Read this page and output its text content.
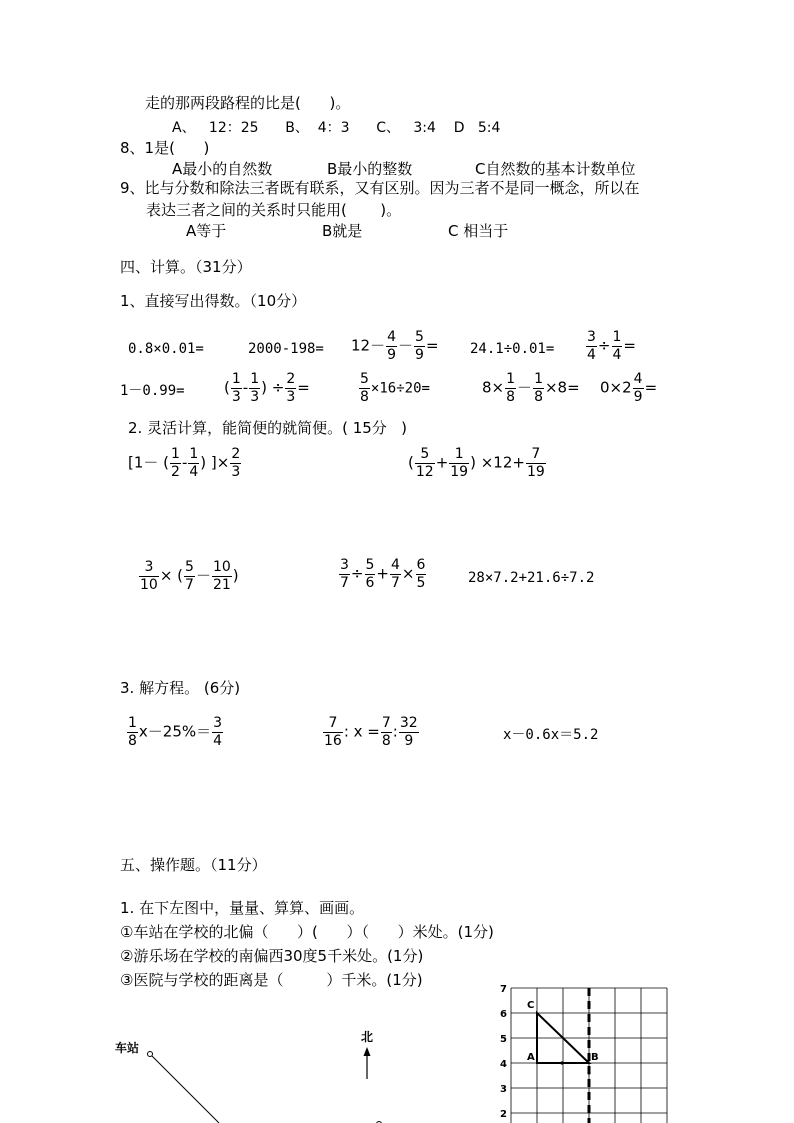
走的那两段路程的比是(      )。
A、   12：25      B、  4：3      C、   3:4    D   5:4
8、1是(      )
A最小的自然数	B最小的整数	C自然数的基本计数单位
9、比与分数和除法三者既有联系，又有区别。因为三者不是同一概念，所以在
表达三者之间的关系时只能用(       )。
A等于	B就是	C 相当于
四、计算。（31分）
1、直接写出得数。（10分）
0.8×0.01=	$2000-198= 12- \frac{4}{9} - \frac{5}{9} = 24.1\div 0.01= \frac{3}{4} \div \frac{1}{4}$ =
1－0.99=	( $\frac{1}{3} - \frac{1}{3}$ ) ÷ $\frac{2}{3}$ =	$\frac{5}{8} \times 16\div 20=$	$8\times \frac{1}{8} - \frac{1}{8} \times 8= 0\times 2 \frac{4}{9}$ =
2. 灵活计算，能简便的就简便。( 15分   )
[1－ ( $\frac{1}{2} - \frac{1}{4}$ ) ]× $\frac{2}{3}$	( $\frac{5}{12} + \frac{1}{19}$ ) $\times 12+ \frac{7}{19}$
$\frac{3}{10}$ × ( $\frac{5}{7} - \frac{10}{21}$ )	$\frac{3}{7} \div \frac{5}{6} + \frac{4}{7} \times \frac{6}{5}$	28×7.2+21.6÷7.2
3. 解方程。 (6分)
$\frac{1}{8} x-25\%= \frac{3}{4}$	$\frac{7}{16}$ : $x = \frac{7}{8}$ : $\frac{32}{9}$	x－0.6x＝5.2
五、操作题。（11分）
1. 在下左图中，量量、算算、画画。
①车站在学校的北偏（      ）(      ）（      ）米处。(1分)
②游乐场在学校的南偏西30度5千米处。(1分)
③医院与学校的距离是（         ）千米。(1分)
车站
北
7
6
5
4
3
2
C
A	B
